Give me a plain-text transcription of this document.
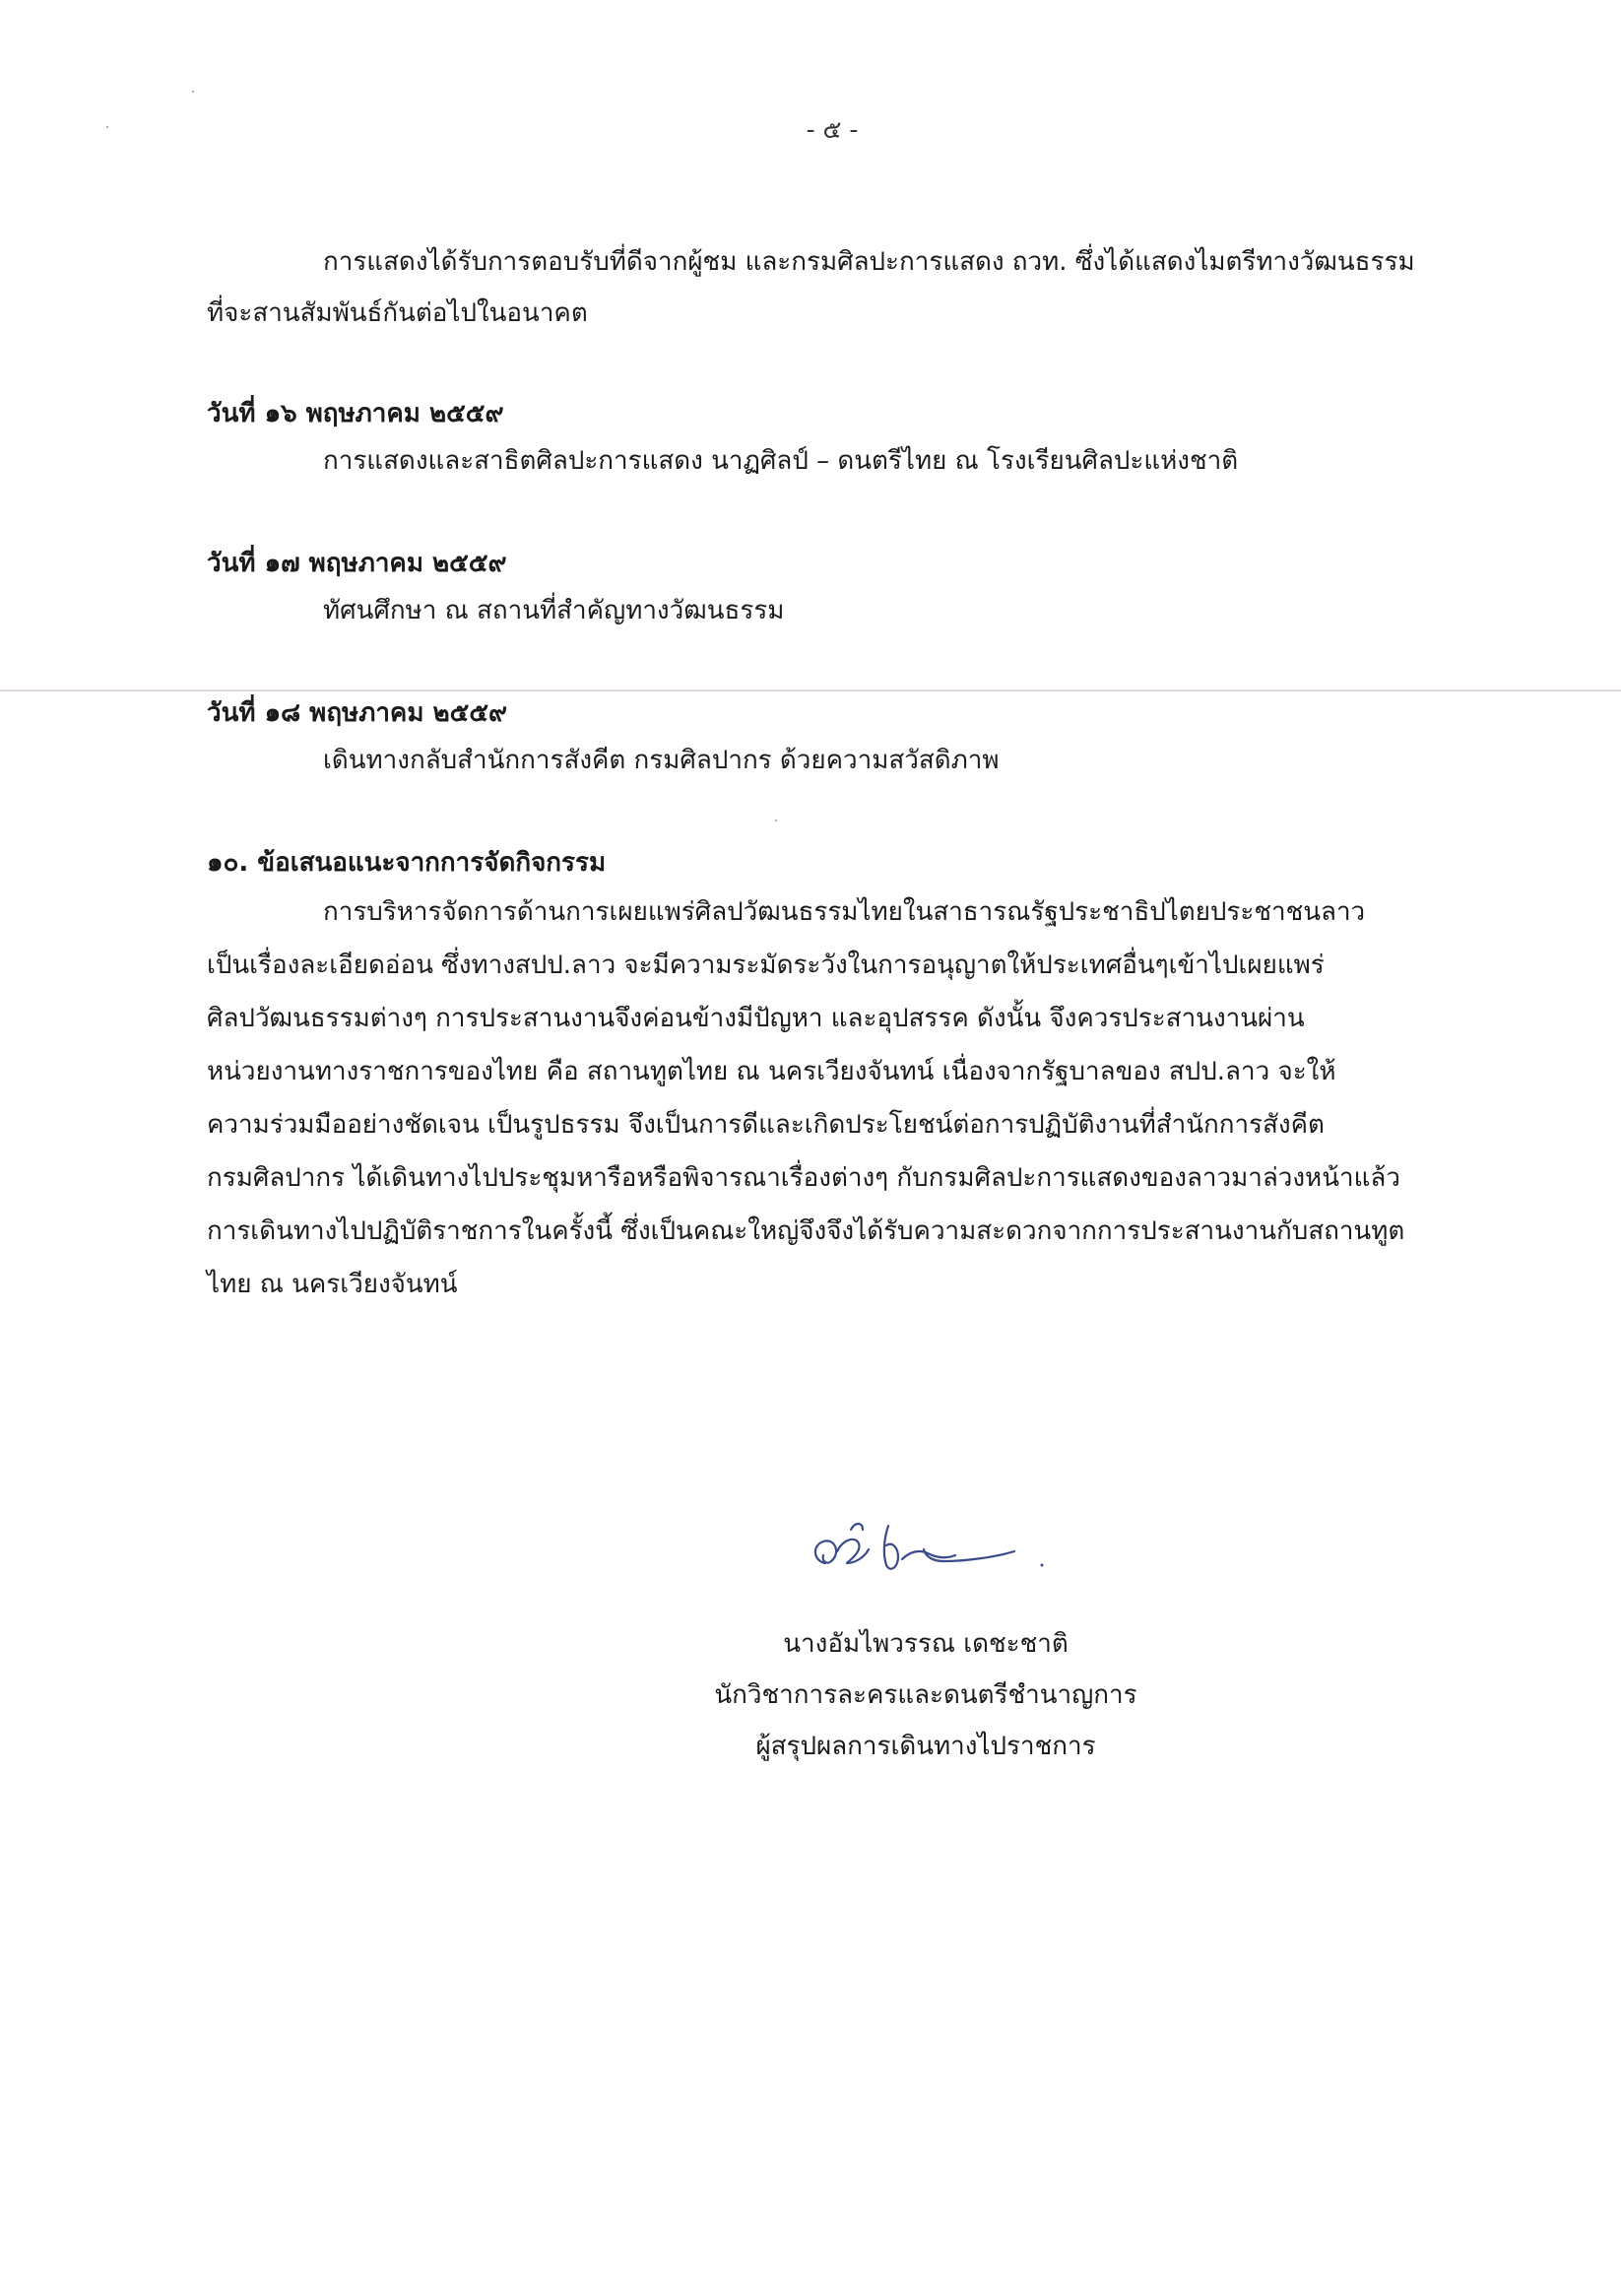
- ๕ -
การแสดงได้รับการตอบรับที่ดีจากผู้ชม และกรมศิลปะการแสดง ถวท. ซึ่งได้แสดงไมตรีทางวัฒนธรรม
ที่จะสานสัมพันธ์กันต่อไปในอนาคต
วันที่ ๑๖ พฤษภาคม ๒๕๕๙
การแสดงและสาธิตศิลปะการแสดง นาฏศิลป์ – ดนตรีไทย ณ โรงเรียนศิลปะแห่งชาติ
วันที่ ๑๗ พฤษภาคม ๒๕๕๙
ทัศนศึกษา ณ สถานที่สำคัญทางวัฒนธรรม
วันที่ ๑๘ พฤษภาคม ๒๕๕๙
เดินทางกลับสำนักการสังคีต กรมศิลปากร ด้วยความสวัสดิภาพ
๑๐. ข้อเสนอแนะจากการจัดกิจกรรม
การบริหารจัดการด้านการเผยแพร่ศิลปวัฒนธรรมไทยในสาธารณรัฐประชาธิปไตยประชาชนลาว
เป็นเรื่องละเอียดอ่อน ซึ่งทางสปป.ลาว จะมีความระมัดระวังในการอนุญาตให้ประเทศอื่นๆเข้าไปเผยแพร่
ศิลปวัฒนธรรมต่างๆ การประสานงานจึงค่อนข้างมีปัญหา และอุปสรรค ดังนั้น จึงควรประสานงานผ่าน
หน่วยงานทางราชการของไทย คือ สถานทูตไทย ณ นครเวียงจันทน์ เนื่องจากรัฐบาลของ สปป.ลาว จะให้
ความร่วมมืออย่างชัดเจน เป็นรูปธรรม จึงเป็นการดีและเกิดประโยชน์ต่อการปฏิบัติงานที่สำนักการสังคีต
กรมศิลปากร ได้เดินทางไปประชุมหารือหรือพิจารณาเรื่องต่างๆ กับกรมศิลปะการแสดงของลาวมาล่วงหน้าแล้ว
การเดินทางไปปฏิบัติราชการในครั้งนี้ ซึ่งเป็นคณะใหญ่จึงจึงได้รับความสะดวกจากการประสานงานกับสถานทูต
ไทย ณ นครเวียงจันทน์
นางอัมไพวรรณ เดชะชาติ
นักวิชาการละครและดนตรีชำนาญการ
ผู้สรุปผลการเดินทางไปราชการ
